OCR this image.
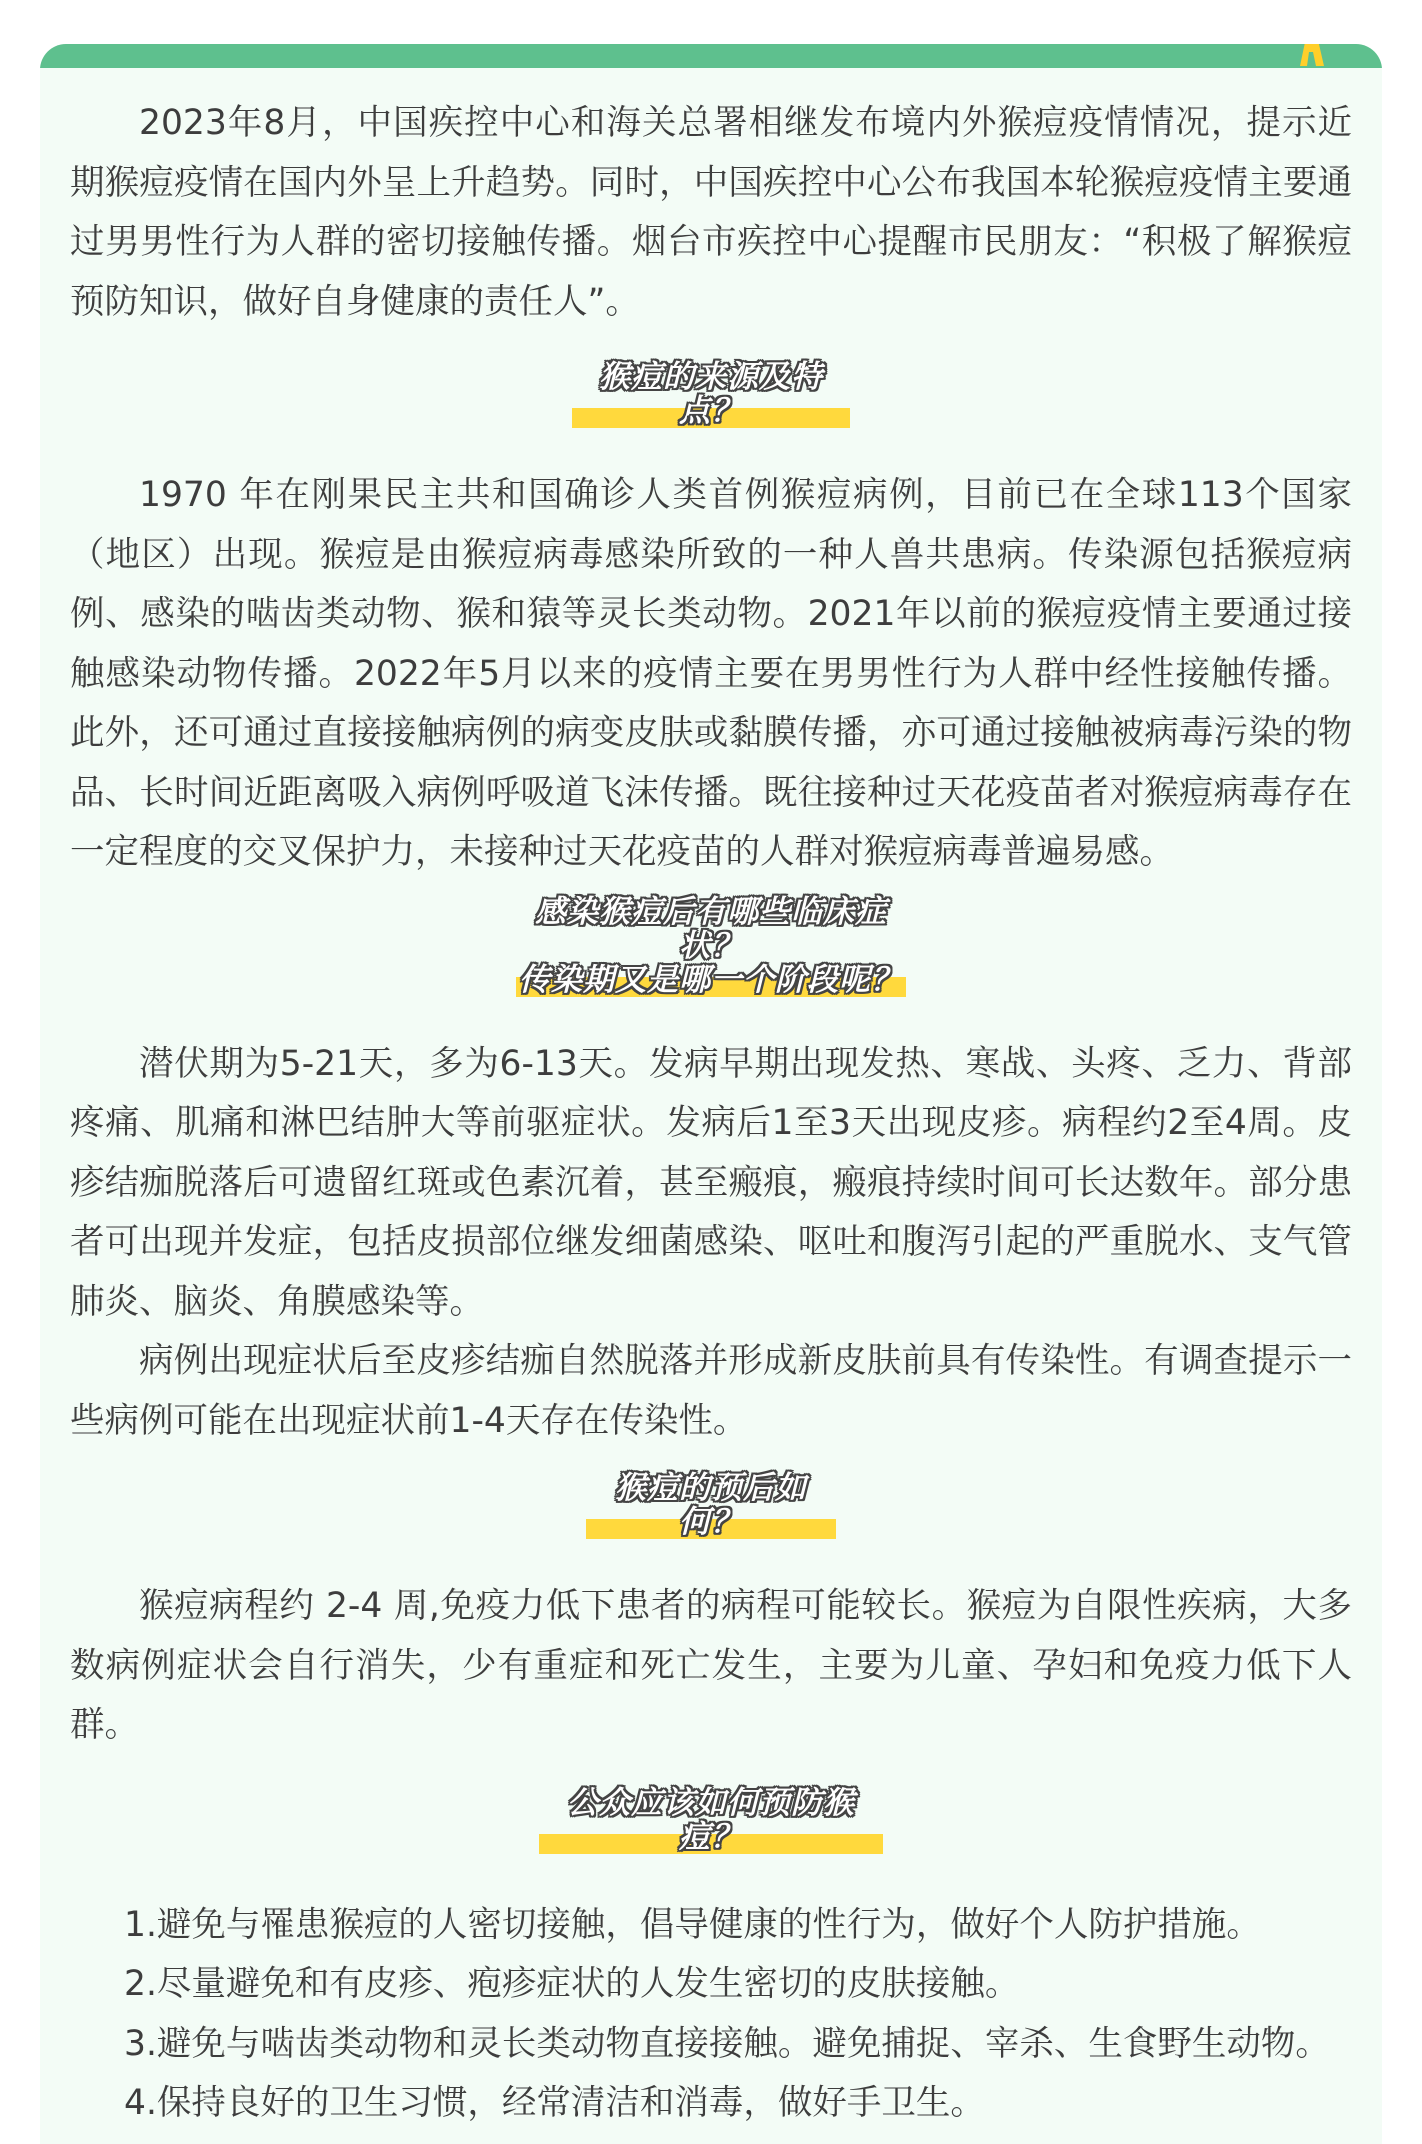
2023年8月，中国疾控中心和海关总署相继发布境内外猴痘疫情情况，提示近期猴痘疫情在国内外呈上升趋势。同时，中国疾控中心公布我国本轮猴痘疫情主要通过男男性行为人群的密切接触传播。烟台市疾控中心提醒市民朋友：“积极了解猴痘预防知识，做好自身健康的责任人”。

猴痘的来源及特点？

1970 年在刚果民主共和国确诊人类首例猴痘病例，目前已在全球113个国家（地区）出现。猴痘是由猴痘病毒感染所致的一种人兽共患病。传染源包括猴痘病例、感染的啮齿类动物、猴和猿等灵长类动物。2021年以前的猴痘疫情主要通过接触感染动物传播。2022年5月以来的疫情主要在男男性行为人群中经性接触传播。此外，还可通过直接接触病例的病变皮肤或黏膜传播，亦可通过接触被病毒污染的物品、长时间近距离吸入病例呼吸道飞沫传播。既往接种过天花疫苗者对猴痘病毒存在一定程度的交叉保护力，未接种过天花疫苗的人群对猴痘病毒普遍易感。

感染猴痘后有哪些临床症状？
传染期又是哪一个阶段呢？

潜伏期为5-21天，多为6-13天。发病早期出现发热、寒战、头疼、乏力、背部疼痛、肌痛和淋巴结肿大等前驱症状。发病后1至3天出现皮疹。病程约2至4周。皮疹结痂脱落后可遗留红斑或色素沉着，甚至瘢痕，瘢痕持续时间可长达数年。部分患者可出现并发症，包括皮损部位继发细菌感染、呕吐和腹泻引起的严重脱水、支气管肺炎、脑炎、角膜感染等。

病例出现症状后至皮疹结痂自然脱落并形成新皮肤前具有传染性。有调查提示一些病例可能在出现症状前1-4天存在传染性。

猴痘的预后如何？

猴痘病程约 2-4 周,免疫力低下患者的病程可能较长。猴痘为自限性疾病，大多数病例症状会自行消失，少有重症和死亡发生，主要为儿童、孕妇和免疫力低下人群。

公众应该如何预防猴痘？

1.避免与罹患猴痘的人密切接触，倡导健康的性行为，做好个人防护措施。

2.尽量避免和有皮疹、疱疹症状的人发生密切的皮肤接触。

3.避免与啮齿类动物和灵长类动物直接接触。避免捕捉、宰杀、生食野生动物。

4.保持良好的卫生习惯，经常清洁和消毒，做好手卫生。
